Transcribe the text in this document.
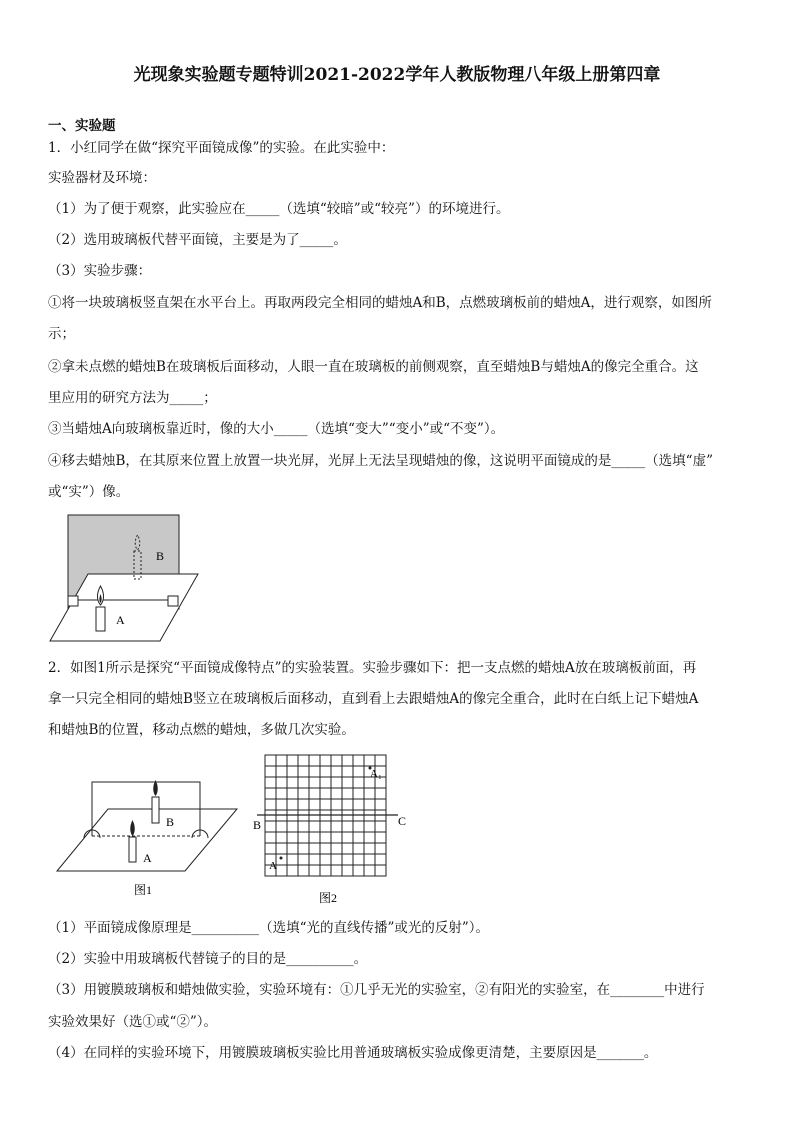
光现象实验题专题特训2021-2022学年人教版物理八年级上册第四章
一、实验题
1．小红同学在做“探究平面镜成像”的实验。在此实验中：
实验器材及环境：
（1）为了便于观察，此实验应在_____（选填“较暗”或“较亮”）的环境进行。
（2）选用玻璃板代替平面镜，主要是为了_____。
（3）实验步骤：
①将一块玻璃板竖直架在水平台上。再取两段完全相同的蜡烛A和B，点燃玻璃板前的蜡烛A，进行观察，如图所
示；
②拿未点燃的蜡烛B在玻璃板后面移动，人眼一直在玻璃板的前侧观察，直至蜡烛B与蜡烛A的像完全重合。这
里应用的研究方法为_____；
③当蜡烛A向玻璃板靠近时，像的大小_____（选填“变大”“变小”或“不变”）。
④移去蜡烛B，在其原来位置上放置一块光屏，光屏上无法呈现蜡烛的像，这说明平面镜成的是_____（选填“虚”
或“实”）像。
B
A
2．如图1所示是探究“平面镜成像特点”的实验装置。实验步骤如下：把一支点燃的蜡烛A放在玻璃板前面，再
拿一只完全相同的蜡烛B竖立在玻璃板后面移动，直到看上去跟蜡烛A的像完全重合，此时在白纸上记下蜡烛A
和蜡烛B的位置，移动点燃的蜡烛，多做几次实验。
B
A
图1
A₁
A
B	C
图2
（1）平面镜成像原理是__________（选填“光的直线传播”或光的反射”）。
（2）实验中用玻璃板代替镜子的目的是__________。
（3）用镀膜玻璃板和蜡烛做实验，实验环境有：①几乎无光的实验室，②有阳光的实验室，在________中进行
实验效果好（选①或“②”）。
（4）在同样的实验环境下，用镀膜玻璃板实验比用普通玻璃板实验成像更清楚，主要原因是_______。
